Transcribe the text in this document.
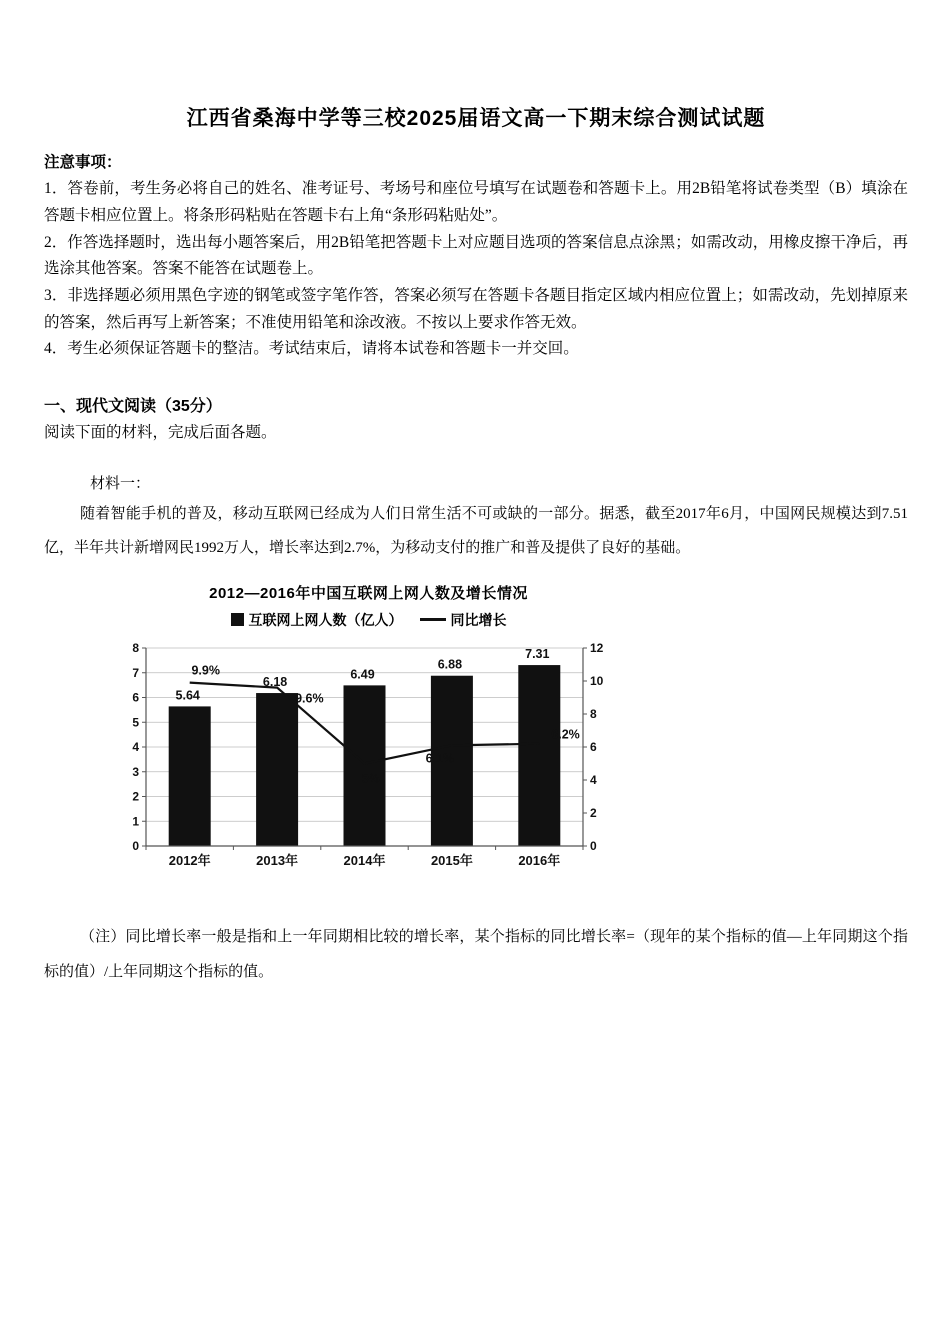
江西省桑海中学等三校2025届语文高一下期末综合测试试题
注意事项：

1．答卷前，考生务必将自己的姓名、准考证号、考场号和座位号填写在试题卷和答题卡上。用2B铅笔将试卷类型（B）填涂在答题卡相应位置上。将条形码粘贴在答题卡右上角“条形码粘贴处”。

2．作答选择题时，选出每小题答案后，用2B铅笔把答题卡上对应题目选项的答案信息点涂黑；如需改动，用橡皮擦干净后，再选涂其他答案。答案不能答在试题卷上。

3．非选择题必须用黑色字迹的钢笔或签字笔作答，答案必须写在答题卡各题目指定区域内相应位置上；如需改动，先划掉原来的答案，然后再写上新答案；不准使用铅笔和涂改液。不按以上要求作答无效。

4．考生必须保证答题卡的整洁。考试结束后，请将本试卷和答题卡一并交回。

一、现代文阅读（35分）

阅读下面的材料，完成后面各题。

材料一：

随着智能手机的普及，移动互联网已经成为人们日常生活不可或缺的一部分。据悉，截至2017年6月，中国网民规模达到7.51亿，半年共计新增网民1992万人，增长率达到2.7%，为移动支付的推广和普及提供了良好的基础。

2012—2016年中国互联网上网人数及增长情况
互联网上网人数（亿人）	同比增长
5.64
6.18
6.49
6.88
7.31
9.9%
9.6%
5%
6.1%
6.2%
0
1
2
3
4
5
6
7
8
0
2
4
6
8
10
12
2012年	2013年	2014年	2015年	2016年

（注）同比增长率一般是指和上一年同期相比较的增长率，某个指标的同比增长率=（现年的某个指标的值—上年同期这个指标的值）/上年同期这个指标的值。
